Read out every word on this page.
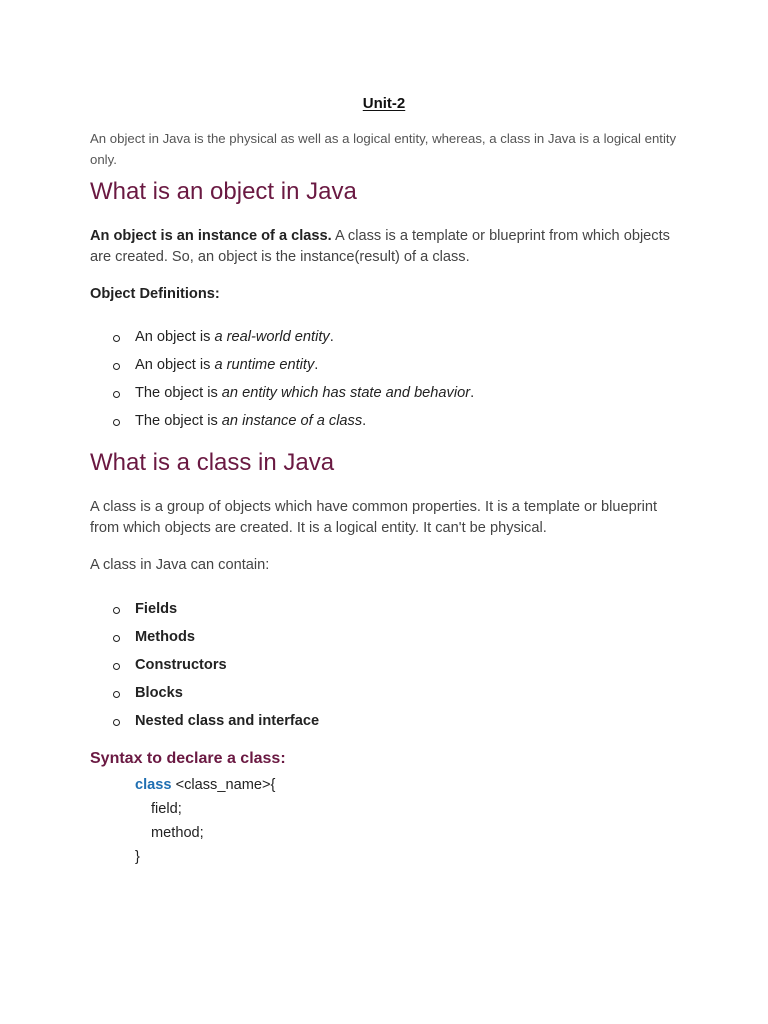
Unit-2
An object in Java is the physical as well as a logical entity, whereas, a class in Java is a logical entity only.
What is an object in Java

An object is an instance of a class. A class is a template or blueprint from which objects are created. So, an object is the instance(result) of a class.

Object Definitions:
An object is a real-world entity.
An object is a runtime entity.
The object is an entity which has state and behavior.
The object is an instance of a class.
What is a class in Java

A class is a group of objects which have common properties. It is a template or blueprint from which objects are created. It is a logical entity. It can't be physical.

A class in Java can contain:
Fields
Methods
Constructors
Blocks
Nested class and interface
Syntax to declare a class:
class <class_name>{
field;
method;
}
